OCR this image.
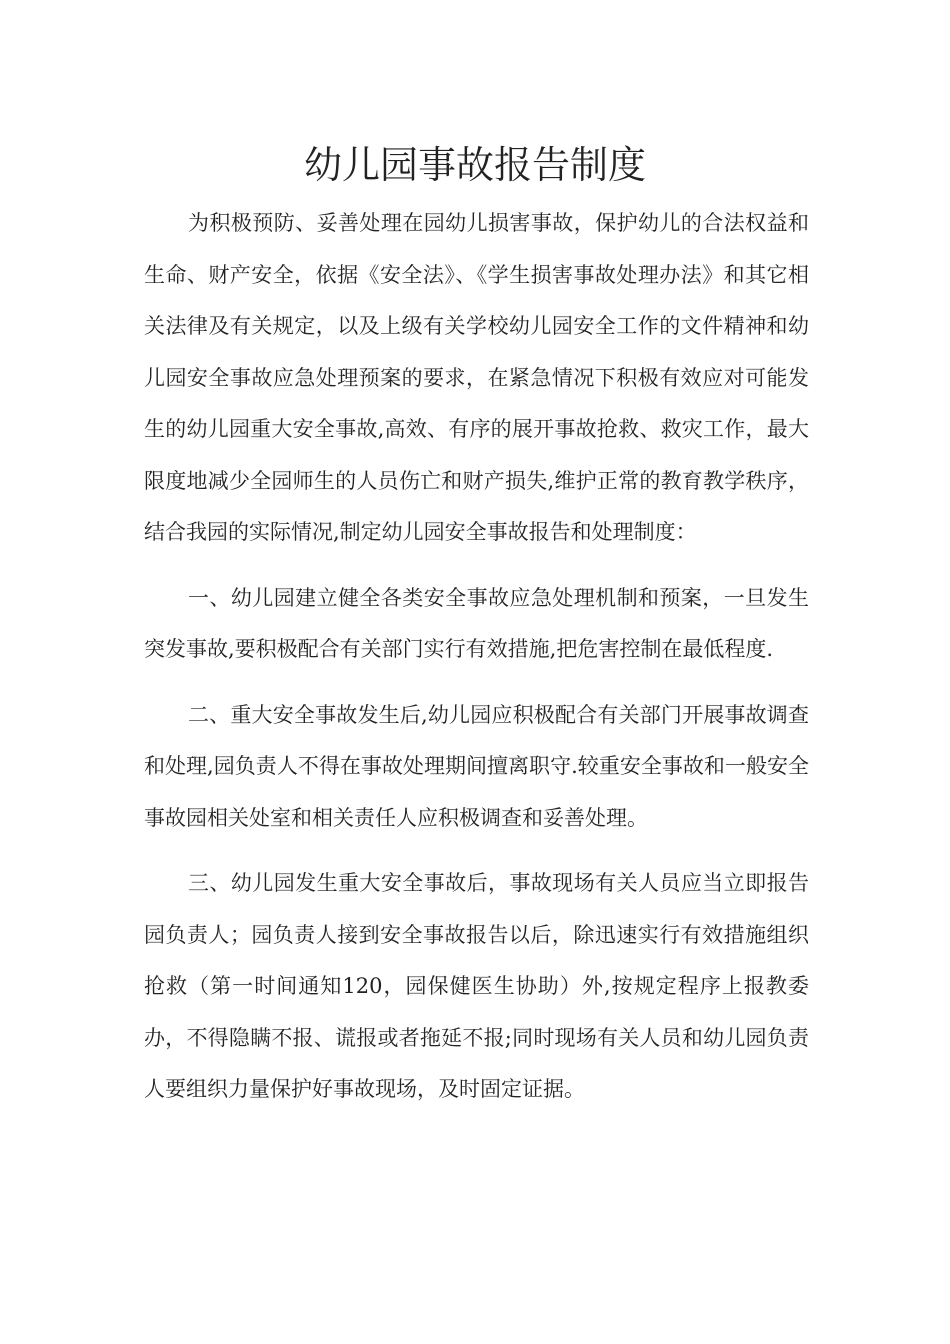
幼儿园事故报告制度

为积极预防、妥善处理在园幼儿损害事故，保护幼儿的合法权益和生命、财产安全，依据《安全法》、《学生损害事故处理办法》和其它相关法律及有关规定，以及上级有关学校幼儿园安全工作的文件精神和幼儿园安全事故应急处理预案的要求，在紧急情况下积极有效应对可能发生的幼儿园重大安全事故,高效、有序的展开事故抢救、救灾工作，最大限度地减少全园师生的人员伤亡和财产损失,维护正常的教育教学秩序，结合我园的实际情况,制定幼儿园安全事故报告和处理制度：

一、幼儿园建立健全各类安全事故应急处理机制和预案，一旦发生突发事故,要积极配合有关部门实行有效措施,把危害控制在最低程度.

二、重大安全事故发生后,幼儿园应积极配合有关部门开展事故调查和处理,园负责人不得在事故处理期间擅离职守.较重安全事故和一般安全事故园相关处室和相关责任人应积极调查和妥善处理。

三、幼儿园发生重大安全事故后，事故现场有关人员应当立即报告园负责人；园负责人接到安全事故报告以后，除迅速实行有效措施组织抢救（第一时间通知120，园保健医生协助）外,按规定程序上报教委办，不得隐瞒不报、谎报或者拖延不报;同时现场有关人员和幼儿园负责人要组织力量保护好事故现场，及时固定证据。
